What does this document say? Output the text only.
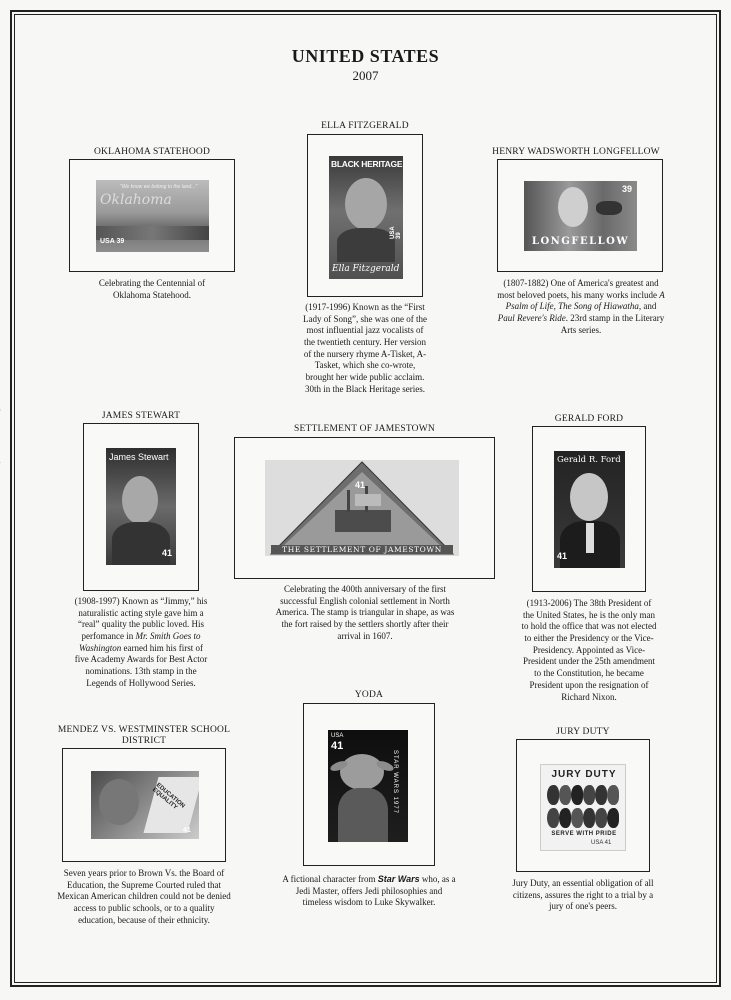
UNITED STATES
2007
OKLAHOMA STATEHOOD
"We know we belong to the land..."
Oklahoma
USA 39
Celebrating the Centennial of Oklahoma Statehood.
ELLA FITZGERALD
BLACK HERITAGE
Ella Fitzgerald
USA 39
(1917-1996) Known as the “First Lady of Song”, she was one of the most influential jazz vocalists of the twentieth century. Her version of the nursery rhyme A-Tisket, A-Tasket, which she co-wrote, brought her wide public acclaim. 30th in the Black Heritage series.
HENRY WADSWORTH LONGFELLOW
39
LONGFELLOW
(1807-1882) One of America's greatest and most beloved poets, his many works include A Psalm of Life, The Song of Hiawatha, and Paul Revere's Ride. 23rd stamp in the Literary Arts series.
JAMES STEWART
James Stewart
41
(1908-1997) Known as “Jimmy,” his naturalistic acting style gave him a “real” quality the public loved. His perfomance in Mr. Smith Goes to Washington earned him his first of five Academy Awards for Best Actor nominations. 13th stamp in the Legends of Hollywood Series.
SETTLEMENT OF JAMESTOWN
THE SETTLEMENT OF JAMESTOWN
41
Celebrating the 400th anniversary of the first successful English colonial settlement in North America. The stamp is triangular in shape, as was the fort raised by the settlers shortly after their arrival in 1607.
GERALD FORD
Gerald R. Ford
41
(1913-2006) The 38th President of the United States, he is the only man to hold the office that was not elected to either the Presidency or the Vice-Presidency. Appointed as Vice-President under the 25th amendment to the Constitution, he became President upon the resignation of Richard Nixon.
MENDEZ VS. WESTMINSTER SCHOOL DISTRICT
EDUCATION EQUALITY
41
Seven years prior to Brown Vs. the Board of Education, the Supreme Courted ruled that Mexican American children could not be denied access to public schools, or to a quality education, because of their ethnicity.
YODA
USA
41
STAR WARS 1977
A fictional character from Star Wars who, as a Jedi Master, offers Jedi philosophies and timeless wisdom to Luke Skywalker.
JURY DUTY
JURY DUTY
SERVE WITH PRIDE
USA 41
Jury Duty, an essential obligation of all citizens, assures the right to a trial by a jury of one's peers.
